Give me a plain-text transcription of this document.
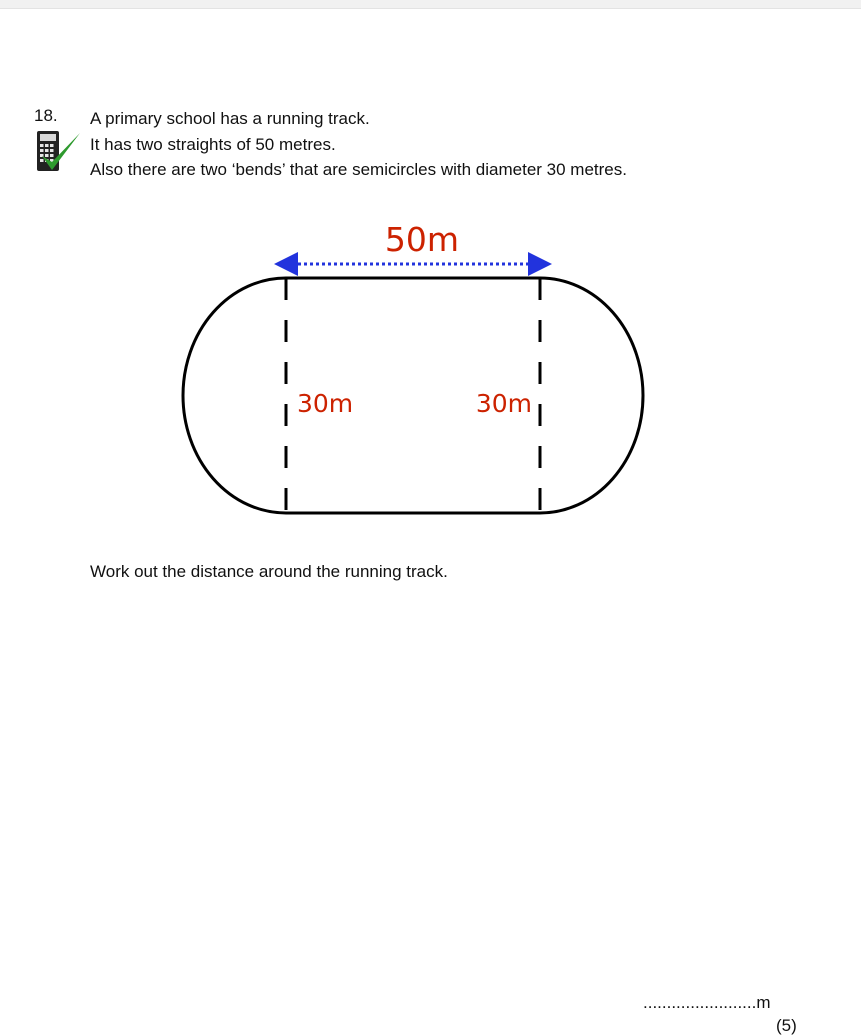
18. A primary school has a running track.
It has two straights of 50 metres.
Also there are two ‘bends’ that are semicircles with diameter 30 metres.
50m
30m	30m
Work out the distance around the running track.
........................m
(5)
